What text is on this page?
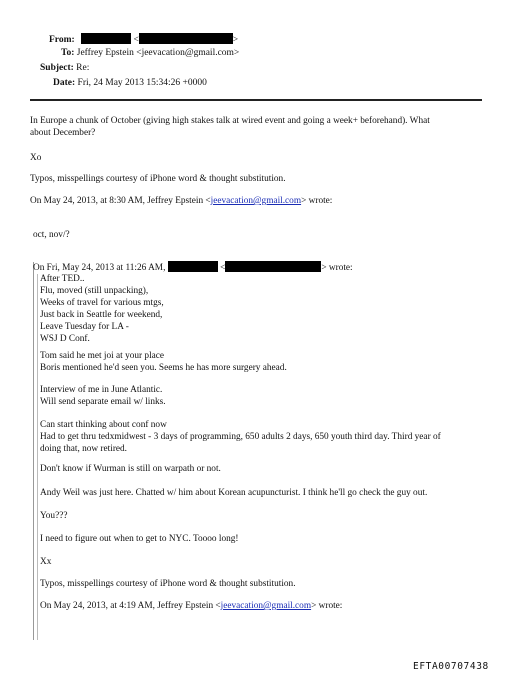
From:	<	>
To: Jeffrey Epstein <jeevacation@gmail.com>
Subject: Re:
Date: Fri, 24 May 2013 15:34:26 +0000
In Europe a chunk of October (giving high stakes talk at wired event and going a week+ beforehand). What
about December?
Xo
Typos, misspellings courtesy of iPhone word & thought substitution.
On May 24, 2013, at 8:30 AM, Jeffrey Epstein <jeevacation@gmail.com> wrote:
oct, nov/?
On Fri, May 24, 2013 at 11:26 AM,	<	> wrote:
After TED..
Flu, moved (still unpacking),
Weeks of travel for various mtgs,
Just back in Seattle for weekend,
Leave Tuesday for LA -
WSJ D Conf.
Tom said he met joi at your place
Boris mentioned he'd seen you. Seems he has more surgery ahead.
Interview of me in June Atlantic.
Will send separate email w/ links.
Can start thinking about conf now
Had to get thru tedxmidwest - 3 days of programming, 650 adults 2 days, 650 youth third day. Third year of
doing that, now retired.
Don't know if Wurman is still on warpath or not.
Andy Weil was just here. Chatted w/ him about Korean acupuncturist. I think he'll go check the guy out.
You???
I need to figure out when to get to NYC. Toooo long!
Xx
Typos, misspellings courtesy of iPhone word & thought substitution.
On May 24, 2013, at 4:19 AM, Jeffrey Epstein <jeevacation@gmail.com> wrote:
EFTA00707438
